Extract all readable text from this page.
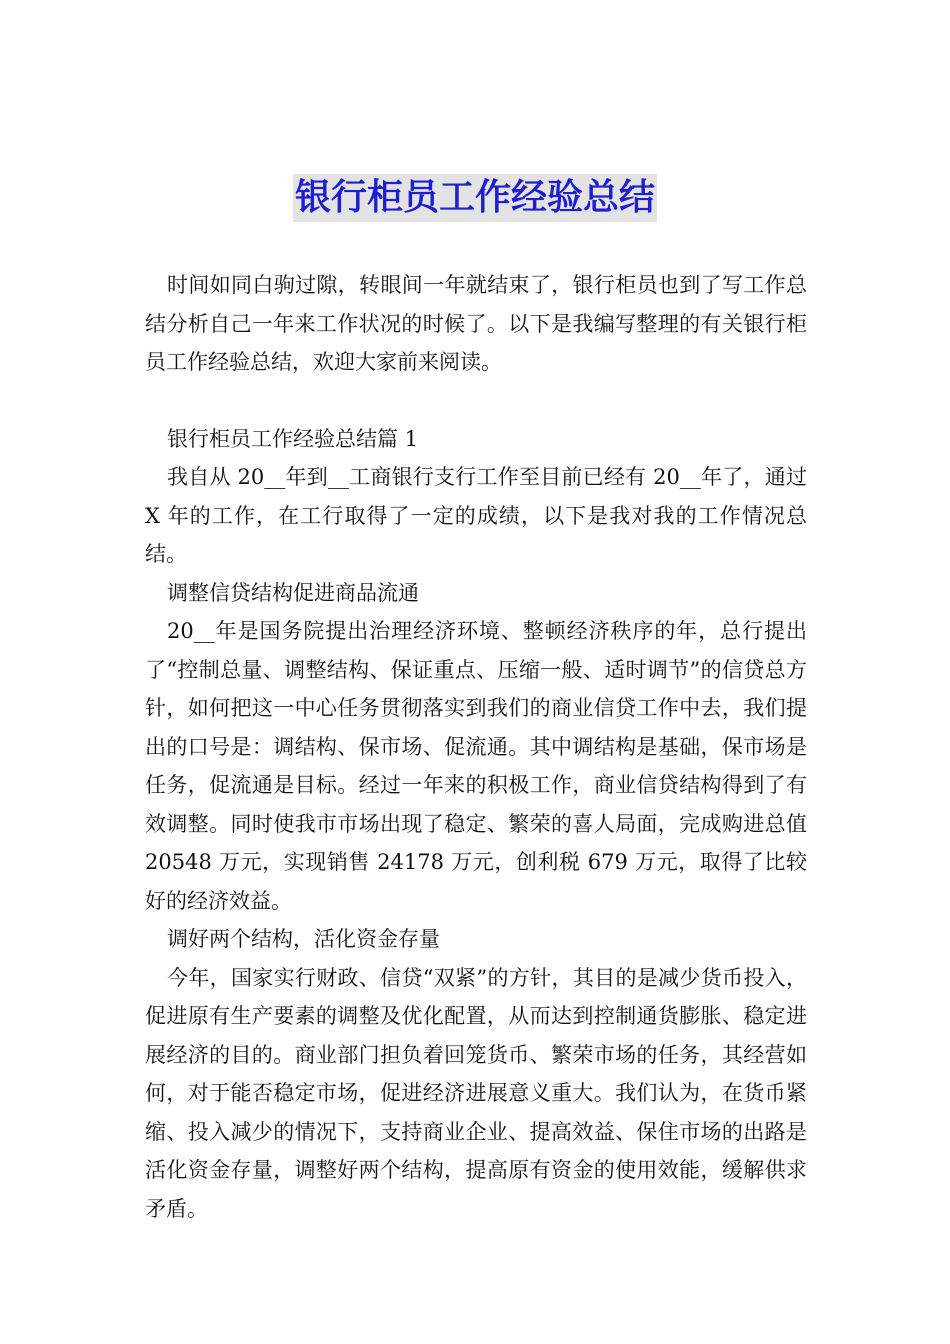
银行柜员工作经验总结

时间如同白驹过隙，转眼间一年就结束了，银行柜员也到了写工作总结分析自己一年来工作状况的时候了。以下是我编写整理的有关银行柜员工作经验总结，欢迎大家前来阅读。

银行柜员工作经验总结篇 1

我自从 20__年到__工商银行支行工作至目前已经有 20__年了，通过 X 年的工作，在工行取得了一定的成绩，以下是我对我的工作情况总结。

调整信贷结构促进商品流通

20__年是国务院提出治理经济环境、整顿经济秩序的年，总行提出了“控制总量、调整结构、保证重点、压缩一般、适时调节”的信贷总方针，如何把这一中心任务贯彻落实到我们的商业信贷工作中去，我们提出的口号是：调结构、保市场、促流通。其中调结构是基础，保市场是任务，促流通是目标。经过一年来的积极工作，商业信贷结构得到了有效调整。同时使我市市场出现了稳定、繁荣的喜人局面，完成购进总值 20548 万元，实现销售 24178 万元，创利税 679 万元，取得了比较好的经济效益。

调好两个结构，活化资金存量

今年，国家实行财政、信贷“双紧”的方针，其目的是减少货币投入，促进原有生产要素的调整及优化配置，从而达到控制通货膨胀、稳定进展经济的目的。商业部门担负着回笼货币、繁荣市场的任务，其经营如何，对于能否稳定市场，促进经济进展意义重大。我们认为，在货币紧缩、投入减少的情况下，支持商业企业、提高效益、保住市场的出路是活化资金存量，调整好两个结构，提高原有资金的使用效能，缓解供求矛盾。
